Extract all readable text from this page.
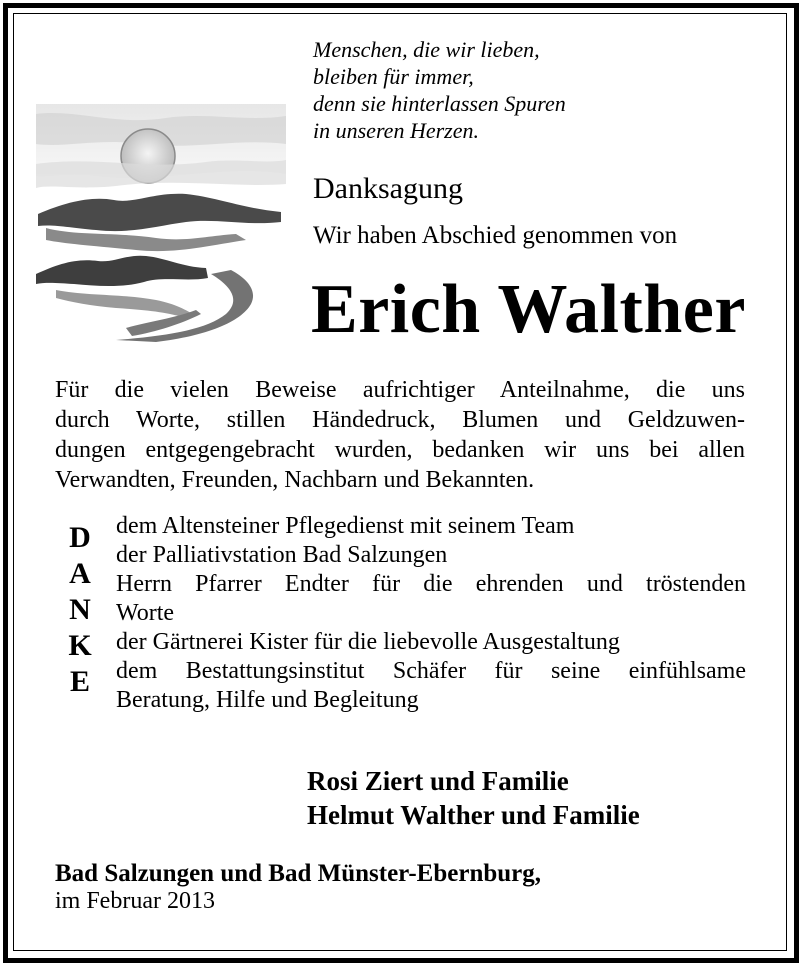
Menschen, die wir lieben,
bleiben für immer,
denn sie hinterlassen Spuren
in unseren Herzen.
Danksagung
Wir haben Abschied genommen von
Erich Walther
Für die vielen Beweise aufrichtiger Anteilnahme, die uns
durch Worte, stillen Händedruck, Blumen und Geldzuwen-
dungen entgegengebracht wurden, bedanken wir uns bei allen
Verwandten, Freunden, Nachbarn und Bekannten.
D
A
N
K
E
dem Altensteiner Pflegedienst mit seinem Team
der Palliativstation Bad Salzungen
Herrn Pfarrer Endter für die ehrenden und tröstenden
Worte
der Gärtnerei Kister für die liebevolle Ausgestaltung
dem Bestattungsinstitut Schäfer für seine einfühlsame
Beratung, Hilfe und Begleitung
Rosi Ziert und Familie
Helmut Walther und Familie
Bad Salzungen und Bad Münster-Ebernburg,
im Februar 2013
